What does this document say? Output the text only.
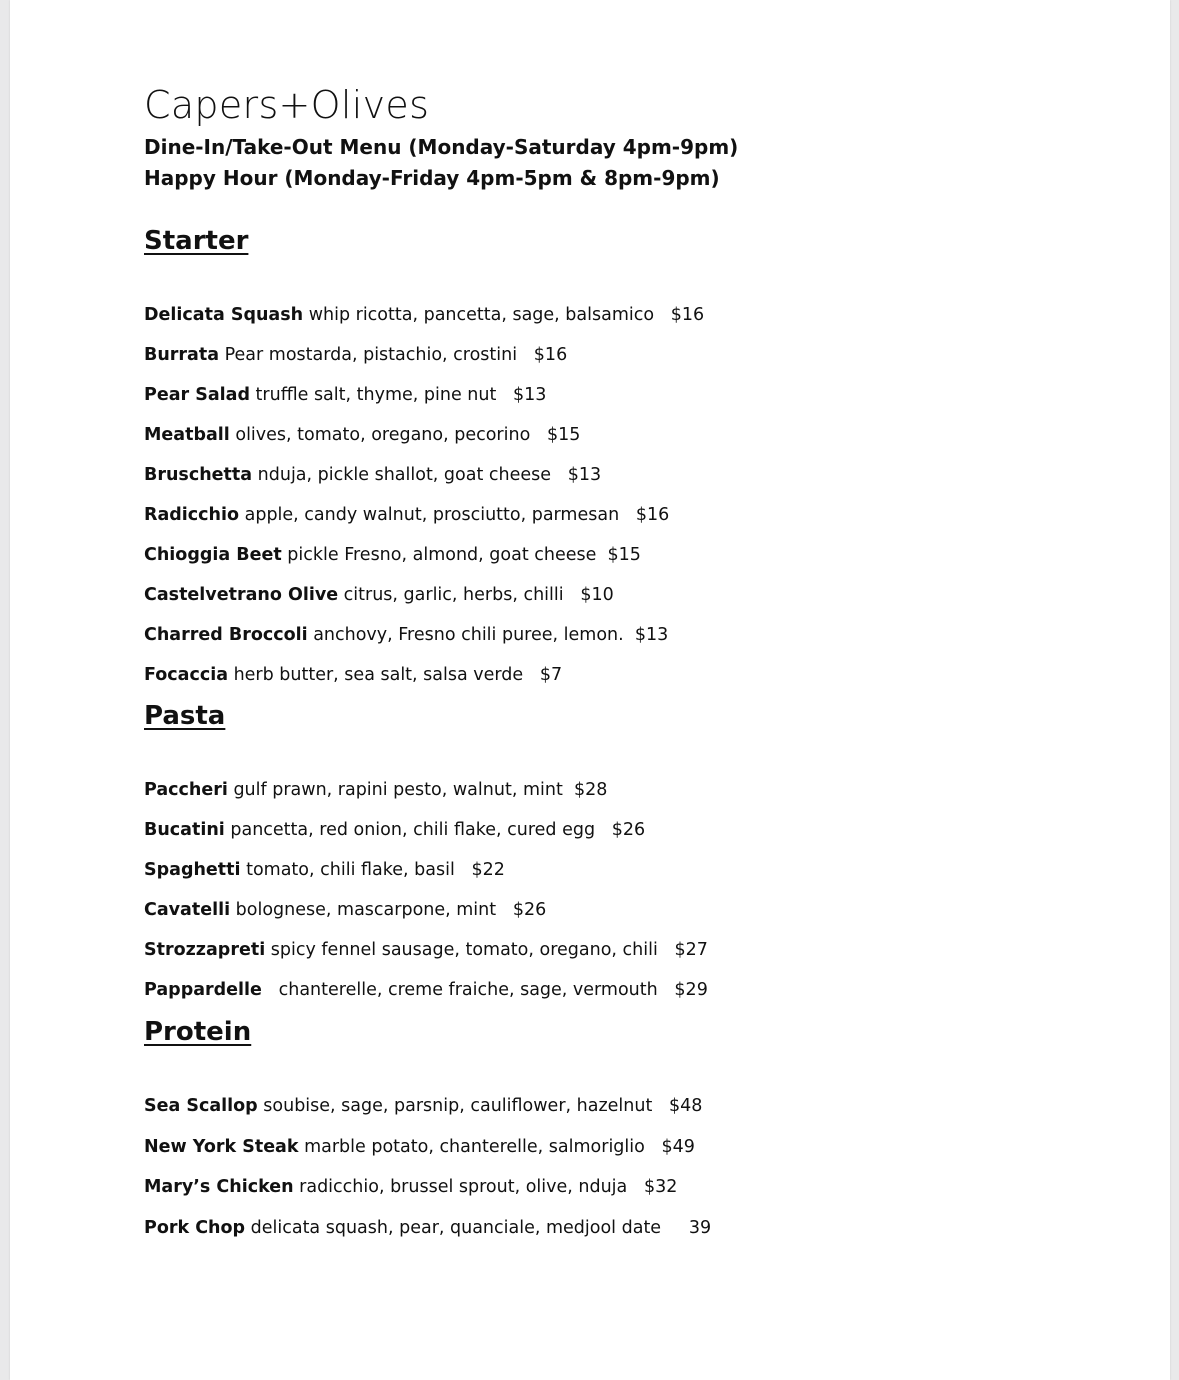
Capers+Olives

Dine-In/Take-Out Menu (Monday-Saturday 4pm-9pm)

Happy Hour (Monday-Friday 4pm-5pm & 8pm-9pm)

Starter
Delicata Squash whip ricotta, pancetta, sage, balsamico   $16
Burrata Pear mostarda, pistachio, crostini   $16
Pear Salad truffle salt, thyme, pine nut   $13
Meatball olives, tomato, oregano, pecorino   $15
Bruschetta nduja, pickle shallot, goat cheese   $13
Radicchio apple, candy walnut, prosciutto, parmesan   $16
Chioggia Beet pickle Fresno, almond, goat cheese  $15
Castelvetrano Olive citrus, garlic, herbs, chilli   $10
Charred Broccoli anchovy, Fresno chili puree, lemon.  $13
Focaccia herb butter, sea salt, salsa verde   $7
Pasta
Paccheri gulf prawn, rapini pesto, walnut, mint  $28
Bucatini pancetta, red onion, chili flake, cured egg   $26
Spaghetti tomato, chili flake, basil   $22
Cavatelli bolognese, mascarpone, mint   $26
Strozzapreti spicy fennel sausage, tomato, oregano, chili   $27
Pappardelle   chanterelle, creme fraiche, sage, vermouth   $29
Protein
Sea Scallop soubise, sage, parsnip, cauliflower, hazelnut   $48
New York Steak marble potato, chanterelle, salmoriglio   $49
Mary’s Chicken radicchio, brussel sprout, olive, nduja   $32
Pork Chop delicata squash, pear, quanciale, medjool date     39
